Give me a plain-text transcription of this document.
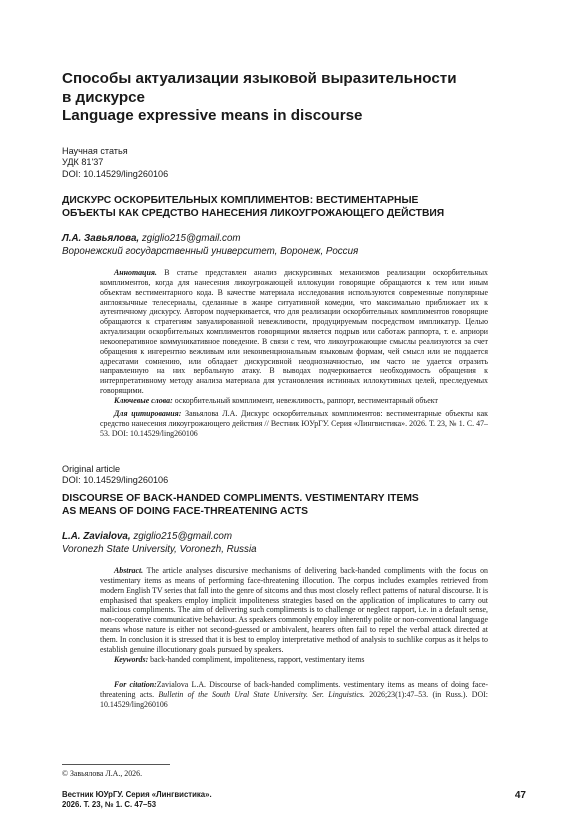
Способы актуализации языковой выразительности
в дискурсе
Language expressive means in discourse
Научная статья
УДК 81'37
DOI: 10.14529/ling260106
ДИСКУРС ОСКОРБИТЕЛЬНЫХ КОМПЛИМЕНТОВ: ВЕСТИМЕНТАРНЫЕ
ОБЪЕКТЫ КАК СРЕДСТВО НАНЕСЕНИЯ ЛИКОУГРОЖАЮЩЕГО ДЕЙСТВИЯ
Л.А. Завьялова, zgiglio215@gmail.com
Воронежский государственный университет, Воронеж, Россия

Аннотация. В статье представлен анализ дискурсивных механизмов реализации оскорбительных комплиментов, когда для нанесения ликоугрожающей иллокуции говорящие обращаются к тем или иным объектам вестиментарного кода. В качестве материала исследования используются современные популярные англоязычные телесериалы, сделанные в жанре ситуативной комедии, что максимально приближает их к аутентичному дискурсу. Автором подчеркивается, что для реализации оскорбительных комплиментов говорящие обращаются к стратегиям завуалированной невежливости, продуцируемым посредством импликатур. Целью актуализации оскорбительных комплиментов говорящими является подрыв или саботаж раппорта, т. е. априори некооперативное коммуникативное поведение. В связи с тем, что ликоугрожающие смыслы реализуются за счет обращения к ингерентно вежливым или неконвенциональным языковым формам, чей смысл или не поддается адресатами сомнению, или обладает дискурсивной неоднозначностью, им часто не удается отразить направленную на них вербальную атаку. В выводах подчеркивается необходимость обращения к интерпретативному методу анализа материала для установления истинных иллокутивных целей, преследуемых говорящими.

Ключевые слова: оскорбительный комплимент, невежливость, раппорт, вестиментарный объект

Для цитирования: Завьялова Л.А. Дискурс оскорбительных комплиментов: вестиментарные объекты как средство нанесения ликоугрожающего действия // Вестник ЮУрГУ. Серия «Лингвистика». 2026. Т. 23, № 1. С. 47–53. DOI: 10.14529/ling260106

Original article
DOI: 10.14529/ling260106
DISCOURSE OF BACK-HANDED COMPLIMENTS. VESTIMENTARY ITEMS
AS MEANS OF DOING FACE-THREATENING ACTS
L.A. Zavialova, zgiglio215@gmail.com
Voronezh State University, Voronezh, Russia

Abstract. The article analyses discursive mechanisms of delivering back-handed compliments with the focus on vestimentary items as means of performing face-threatening illocution. The corpus includes examples retrieved from modern English TV series that fall into the genre of sitcoms and thus most closely reflect patterns of natural discourse. It is emphasised that speakers employ implicit impoliteness strategies based on the application of implicatures to carry out malicious compliments. The aim of delivering such compliments is to challenge or neglect rapport, i.e. in a default sense, non-cooperative communicative behaviour. As speakers commonly employ inherently polite or non-conventional language means whose nature is either not second-guessed or ambivalent, hearers often fail to repel the verbal attack directed at them. In conclusion it is stressed that it is best to employ interpretative method of analysis to suchlike corpus as it helps to establish genuine illocutionary goals pursued by speakers.

Keywords: back-handed compliment, impoliteness, rapport, vestimentary items

For citation:Zavialova L.A. Discourse of back-handed compliments. vestimentary items as means of doing face-threatening acts. Bulletin of the South Ural State University. Ser. Linguistics. 2026;23(1):47–53. (in Russ.). DOI: 10.14529/ling260106

© Завьялова Л.А., 2026.
Вестник ЮУрГУ. Серия «Лингвистика».
2026. Т. 23, № 1. С. 47–53
47
